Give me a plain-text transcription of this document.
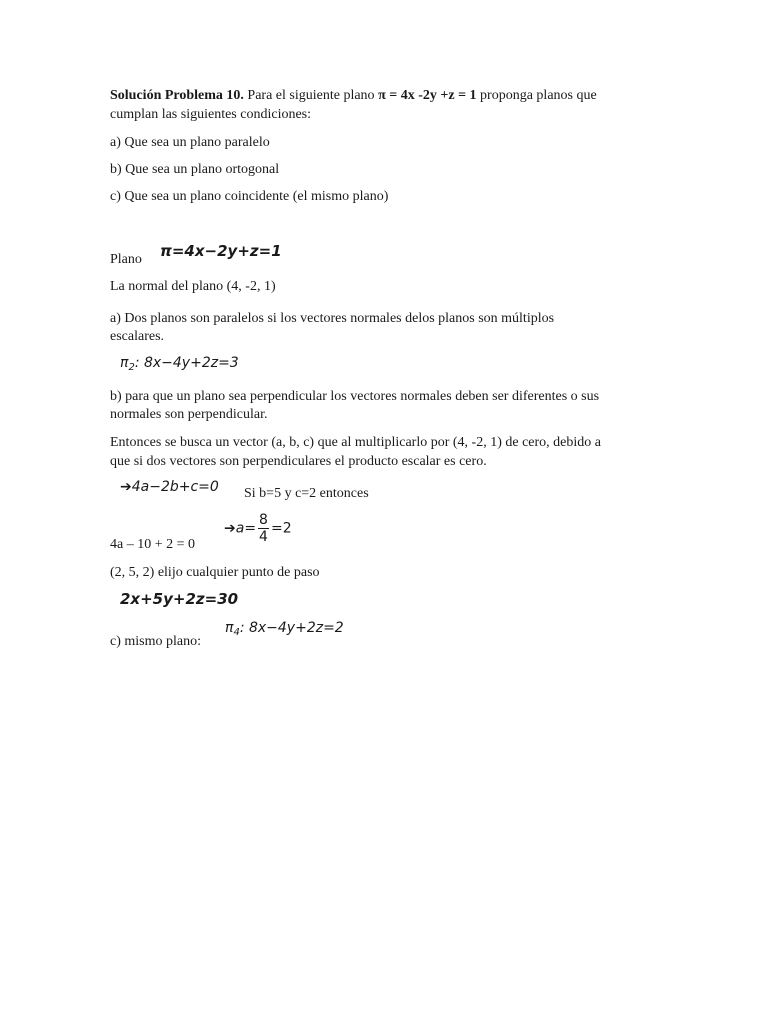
Solución Problema 10. Para el siguiente plano π = 4x -2y +z = 1 proponga planos que
cumplan las siguientes condiciones:
a) Que sea un plano paralelo
b) Que sea un plano ortogonal
c) Que sea un plano coincidente (el mismo plano)
Plano π=4x−2y+z=1
La normal del plano (4, -2, 1)
a) Dos planos son paralelos si los vectores normales delos planos son múltiplos
escalares.
$\pi_2$: 8x−4y+2z=3
b) para que un plano sea perpendicular los vectores normales deben ser diferentes o sus
normales son perpendicular.
Entonces se busca un vector (a, b, c) que al multiplicarlo por (4, -2, 1) de cero, debido a
que si dos vectores son perpendiculares el producto escalar es cero.
➔4a−2b+c=0 Si b=5 y c=2 entonces
➔a= $\frac{8}{4} =2$
4a – 10 + 2 = 0
(2, 5, 2) elijo cualquier punto de paso
2x+5y+2z=30
c) mismo plano:
$\pi_4$: 8x−4y+2z=2
